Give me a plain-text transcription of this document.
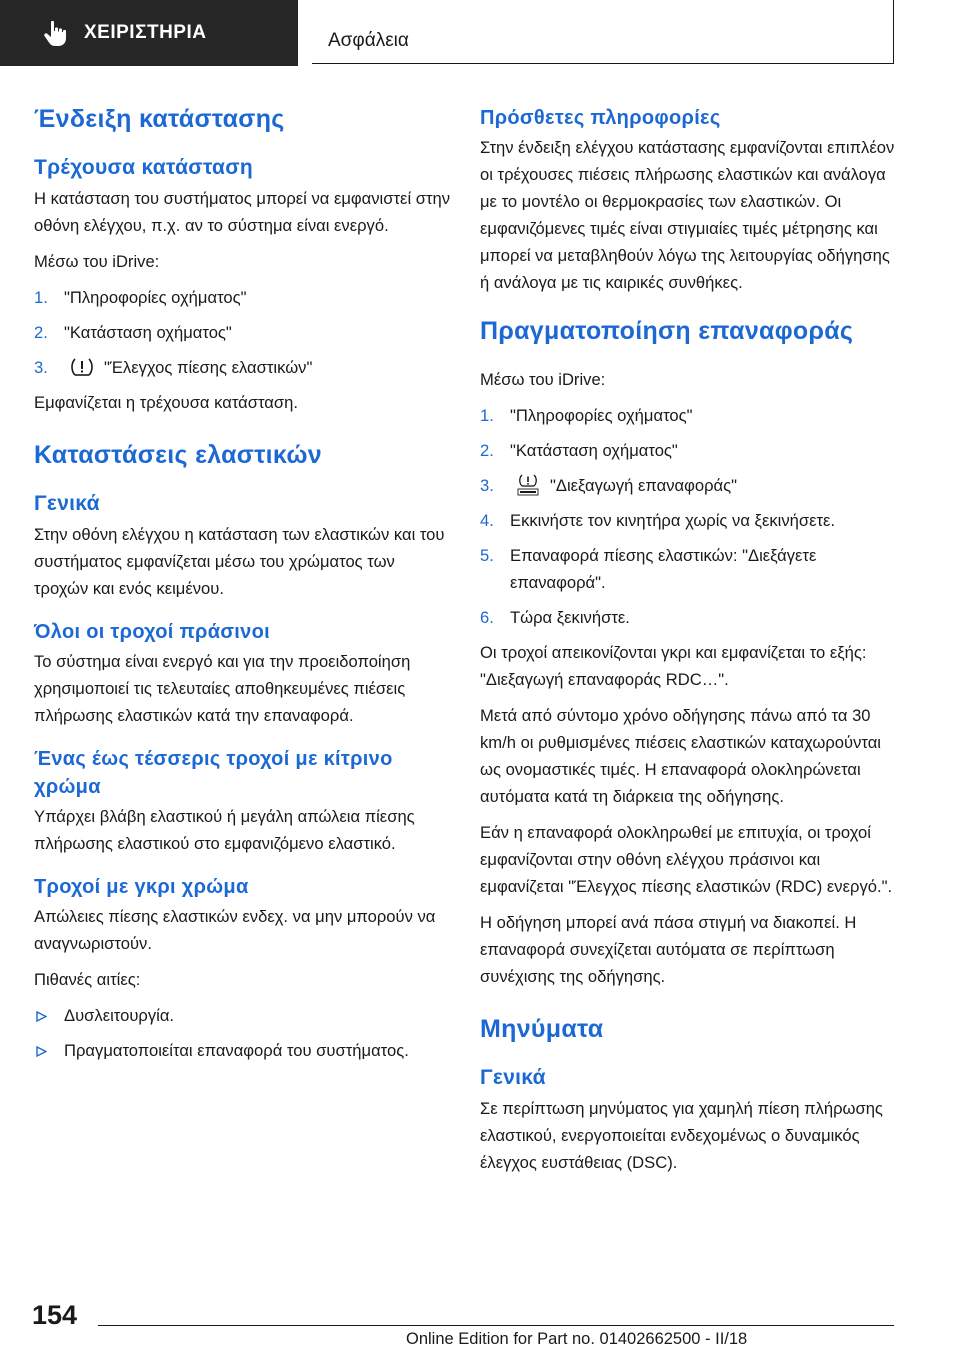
ΧΕΙΡΙΣΤΗΡΙΑ	Ασφάλεια
Ένδειξη κατάστασης
Τρέχουσα κατάσταση

Η κατάσταση του συστήματος μπορεί να εμφανιστεί στην οθόνη ελέγχου, π.χ. αν το σύστημα είναι ενεργό.

Μέσω του iDrive:

1. "Πληροφορίες οχήματος"
2. "Κατάσταση οχήματος"
3.	"Έλεγχος πίεσης ελαστικών"

Εμφανίζεται η τρέχουσα κατάσταση.

Καταστάσεις ελαστικών
Γενικά

Στην οθόνη ελέγχου η κατάσταση των ελαστικών και του συστήματος εμφανίζεται μέσω του χρώματος των τροχών και ενός κειμένου.

Όλοι οι τροχοί πράσινοι

Το σύστημα είναι ενεργό και για την προειδοποίηση χρησιμοποιεί τις τελευταίες αποθηκευμένες πιέσεις πλήρωσης ελαστικών κατά την επαναφορά.

Ένας έως τέσσερις τροχοί με κίτρινο χρώμα

Υπάρχει βλάβη ελαστικού ή μεγάλη απώλεια πίεσης πλήρωσης ελαστικού στο εμφανιζόμενο ελαστικό.

Τροχοί με γκρι χρώμα

Απώλειες πίεσης ελαστικών ενδεχ. να μην μπορούν να αναγνωριστούν.

Πιθανές αιτίες:

Δυσλειτουργία.
Πραγματοποιείται επαναφορά του συστήματος.
Πρόσθετες πληροφορίες

Στην ένδειξη ελέγχου κατάστασης εμφανίζονται επιπλέον οι τρέχουσες πιέσεις πλήρωσης ελαστικών και ανάλογα με το μοντέλο οι θερμοκρασίες των ελαστικών. Οι εμφανιζόμενες τιμές είναι στιγμιαίες τιμές μέτρησης και μπορεί να μεταβληθούν λόγω της λειτουργίας οδήγησης ή ανάλογα με τις καιρικές συνθήκες.

Πραγματοποίηση επαναφοράς

Μέσω του iDrive:

1. "Πληροφορίες οχήματος"
2. "Κατάσταση οχήματος"
3.	"Διεξαγωγή επαναφοράς"
4. Εκκινήστε τον κινητήρα χωρίς να ξεκινήσετε.
5. Επαναφορά πίεσης ελαστικών: "Διεξάγετε επαναφορά".
6. Τώρα ξεκινήστε.

Οι τροχοί απεικονίζονται γκρι και εμφανίζεται το εξής: "Διεξαγωγή επαναφοράς RDC…".

Μετά από σύντομο χρόνο οδήγησης πάνω από τα 30 km/h οι ρυθμισμένες πιέσεις ελαστικών καταχωρούνται ως ονομαστικές τιμές. Η επαναφορά ολοκληρώνεται αυτόματα κατά τη διάρκεια της οδήγησης.

Εάν η επαναφορά ολοκληρωθεί με επιτυχία, οι τροχοί εμφανίζονται στην οθόνη ελέγχου πράσινοι και εμφανίζεται "Έλεγχος πίεσης ελαστικών (RDC) ενεργό.".

Η οδήγηση μπορεί ανά πάσα στιγμή να διακοπεί. Η επαναφορά συνεχίζεται αυτόματα σε περίπτωση συνέχισης της οδήγησης.

Μηνύματα
Γενικά

Σε περίπτωση μηνύματος για χαμηλή πίεση πλήρωσης ελαστικού, ενεργοποιείται ενδεχομένως ο δυναμικός έλεγχος ευστάθειας (DSC).

154
Online Edition for Part no. 01402662500 - II/18
